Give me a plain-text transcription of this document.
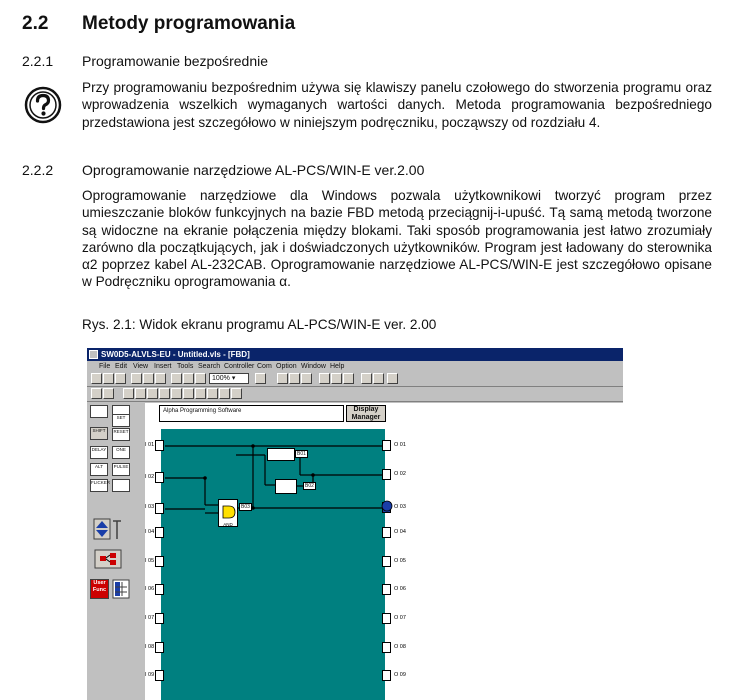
2.2 Metody programowania
2.2.1 Programowanie bezpośrednie

Przy programowaniu bezpośrednim używa się klawiszy panelu czołowego do stworzenia programu oraz wprowadzenia wszelkich wymaganych wartości danych. Metoda programowania bezpośredniego przedstawiona jest szczegółowo w niniejszym podręczniku, począwszy od rozdziału 4.

2.2.2 Oprogramowanie narzędziowe AL-PCS/WIN-E ver.2.00

Oprogramowanie narzędziowe dla Windows pozwala użytkownikowi tworzyć program przez umieszczanie bloków funkcyjnych na bazie FBD metodą przeciągnij-i-upuść. Tą samą metodą tworzone są widoczne na ekranie połączenia między blokami. Taki sposób programowania jest łatwo zrozumiały zarówno dla początkujących, jak i doświadczonych użytkowników. Program jest ładowany do sterownika α2 poprzez kabel AL-232CAB. Oprogramowanie narzędziowe AL-PCS/WIN-E jest szczegółowo opisane w Podręczniku oprogramowania α.

Rys. 2.1: Widok ekranu programu AL-PCS/WIN-E ver. 2.00
SW0D5-ALVLS-EU - Untitled.vls - [FBD]
File Edit View Insert Tools Search Controller Com Option Window Help
100% ▾
SHIFT
SET
RESET
DELAY	ONE
ALT	PULSE
FLICKER
User Func
Alpha Programming Software	Display Manager
I 01
I 02
I 03
I 04
I 05
I 06
I 07
I 08
I 09
O 01
O 02
O 03
O 04
O 05
O 06
O 07
O 08
O 09
B01
B02
AND
B03
